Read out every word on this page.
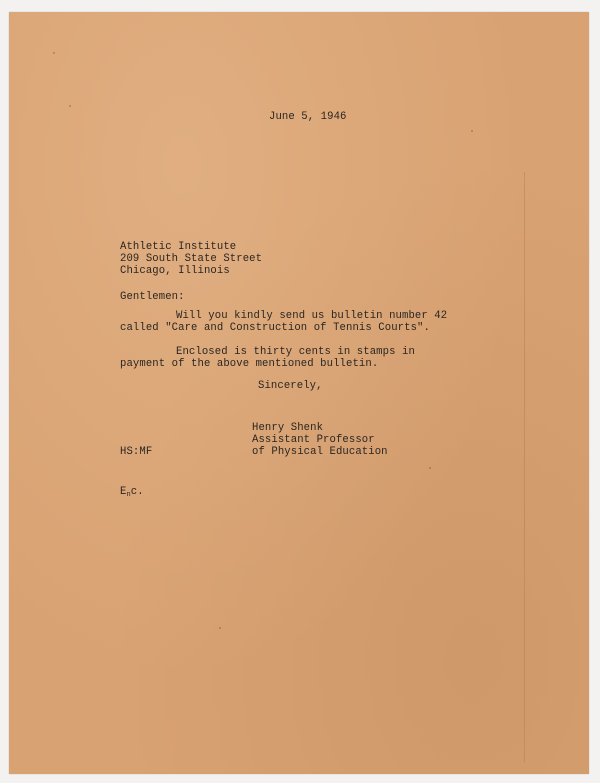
June 5, 1946

Athletic Institute

209 South State Street

Chicago, Illinois

Gentlemen:

Will you kindly send us bulletin number 42

called "Care and Construction of Tennis Courts".

Enclosed is thirty cents in stamps in

payment of the above mentioned bulletin.

Sincerely,

Henry Shenk

Assistant Professor

of Physical Education

HS:MF

$E_nc$.
